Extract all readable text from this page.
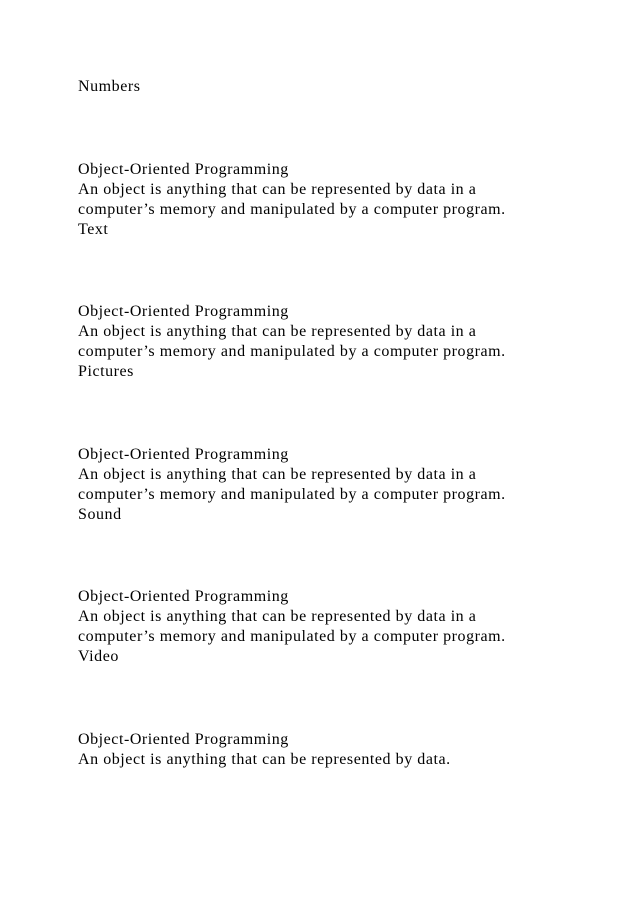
Numbers

Object-Oriented Programming

An object is anything that can be represented by data in a

computer’s memory and manipulated by a computer program.

Text

Object-Oriented Programming

An object is anything that can be represented by data in a

computer’s memory and manipulated by a computer program.

Pictures

Object-Oriented Programming

An object is anything that can be represented by data in a

computer’s memory and manipulated by a computer program.

Sound

Object-Oriented Programming

An object is anything that can be represented by data in a

computer’s memory and manipulated by a computer program.

Video

Object-Oriented Programming

An object is anything that can be represented by data.
